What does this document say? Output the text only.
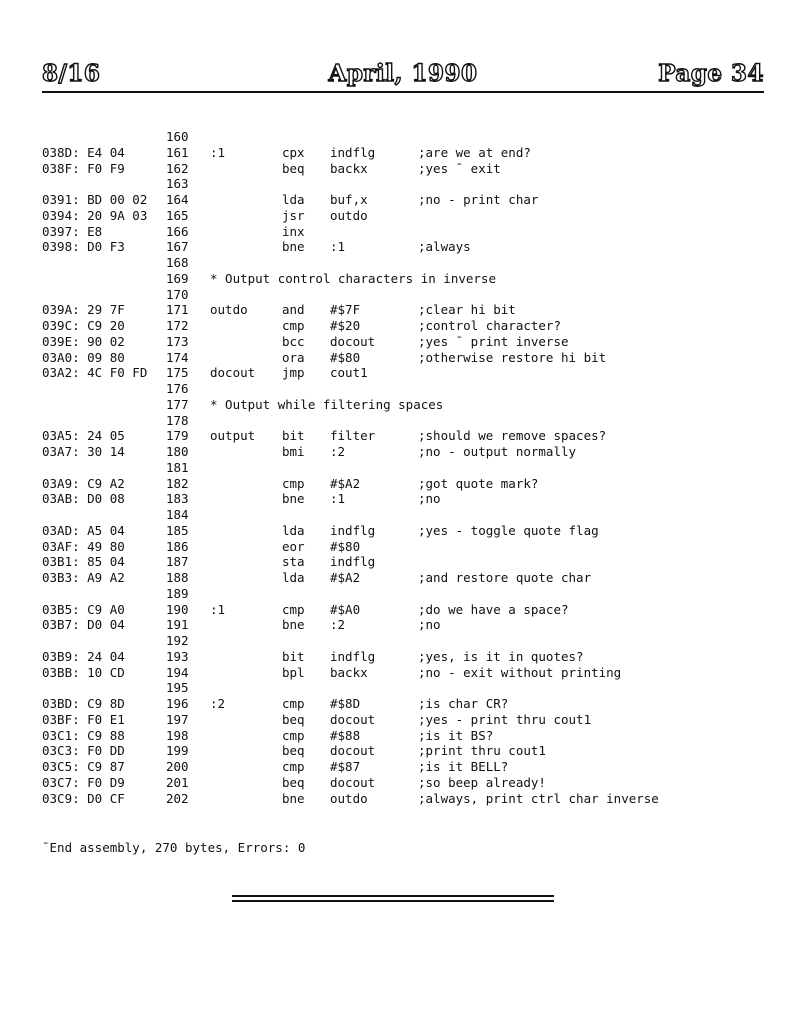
8/16	April, 1990	Page 34
160
038D: E4 04	161 :1	cpx indflg	;are we at end?
038F: F0 F9	162	beq backx	;yes ¯ exit
163
0391: BD 00 02 164	lda buf,x	;no - print char
0394: 20 9A 03 165	jsr outdo
0397: E8	166	inx
0398: D0 F3	167	bne :1	;always
168
169 * Output control characters in inverse
170
039A: 29 7F	171 outdo	and #$7F	;clear hi bit
039C: C9 20	172	cmp #$20	;control character?
039E: 90 02	173	bcc docout	;yes ¯ print inverse
03A0: 09 80	174	ora #$80	;otherwise restore hi bit
03A2: 4C F0 FD 175 docout jmp cout1
176
177 * Output while filtering spaces
178
03A5: 24 05	179 output bit filter	;should we remove spaces?
03A7: 30 14	180	bmi :2	;no - output normally
181
03A9: C9 A2	182	cmp #$A2	;got quote mark?
03AB: D0 08	183	bne :1	;no
184
03AD: A5 04	185	lda indflg	;yes - toggle quote flag
03AF: 49 80	186	eor #$80
03B1: 85 04	187	sta indflg
03B3: A9 A2	188	lda #$A2	;and restore quote char
189
03B5: C9 A0	190 :1	cmp #$A0	;do we have a space?
03B7: D0 04	191	bne :2	;no
192
03B9: 24 04	193	bit indflg	;yes, is it in quotes?
03BB: 10 CD	194	bpl backx	;no - exit without printing
195
03BD: C9 8D	196 :2	cmp #$8D	;is char CR?
03BF: F0 E1	197	beq docout	;yes - print thru cout1
03C1: C9 88	198	cmp #$88	;is it BS?
03C3: F0 DD	199	beq docout	;print thru cout1
03C5: C9 87	200	cmp #$87	;is it BELL?
03C7: F0 D9	201	beq docout	;so beep already!
03C9: D0 CF	202	bne outdo	;always, print ctrl char inverse
¯End assembly, 270 bytes, Errors: 0
